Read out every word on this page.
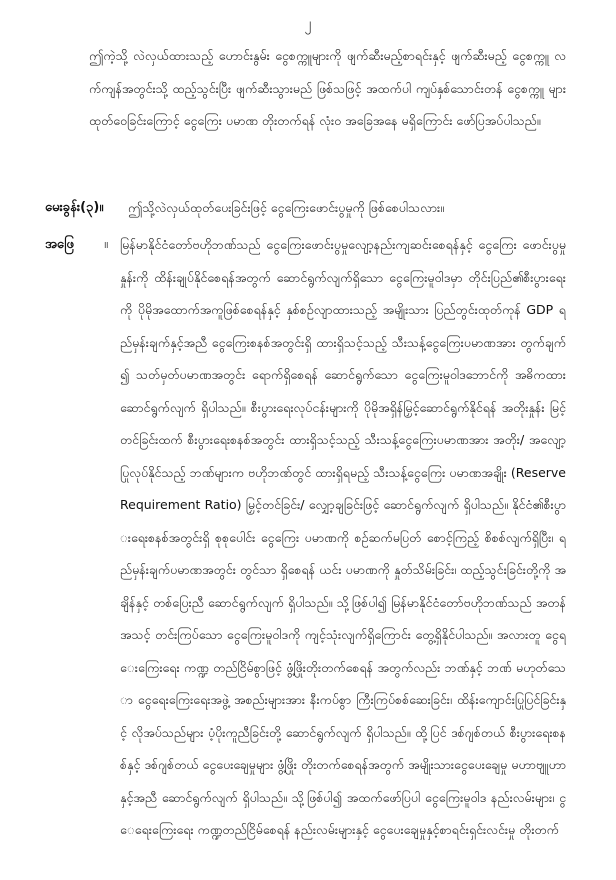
၂
ဤကဲ့သို့ လဲလှယ်ထားသည့် ဟောင်းနွမ်း ငွေစက္ကူများကို ဖျက်ဆီးမည့်စာရင်းနှင့် ဖျက်ဆီးမည့် ငွေစက္ကူ လက်ကျန်အတွင်းသို့ ထည့်သွင်းပြီး ဖျက်ဆီးသွားမည် ဖြစ်သဖြင့် အထက်ပါ ကျပ်နှစ်သောင်းတန် ငွေစက္ကူ များထုတ်ဝေခြင်းကြောင့် ငွေကြေး ပမာဏ တိုးတက်ရန် လုံးဝ အခြေအနေ မရှိကြောင်း ဖော်ပြအပ်ပါသည်။
မေးခွန်း(၃)။ ဤသို့လဲလှယ်ထုတ်ပေးခြင်းဖြင့် ငွေကြေးဖောင်းပွမှုကို ဖြစ်စေပါသလား။
အဖြေ ။ မြန်မာနိုင်ငံတော်ဗဟိုဘဏ်သည် ငွေကြေးဖောင်းပွမှုလျော့နည်းကျဆင်းစေရန်နှင့် ငွေကြေး ဖောင်းပွမှုနှုန်းကို ထိန်းချုပ်နိုင်စေရန်အတွက် ဆောင်ရွက်လျက်ရှိသော ငွေကြေးမူဝါဒမှာ တိုင်းပြည်၏စီးပွားရေးကို ပိုမိုအထောက်အကူဖြစ်စေရန်နှင့် နှစ်စဉ်လျာထားသည့် အမျိုးသား ပြည်တွင်းထုတ်ကုန် GDP ရည်မှန်းချက်နှင့်အညီ ငွေကြေးစနစ်အတွင်းရှိ ထားရှိသင့်သည့် သီးသန့်ငွေကြေးပမာဏအား တွက်ချက်၍ သတ်မှတ်ပမာဏအတွင်း ရောက်ရှိစေရန် ဆောင်ရွက်သော ငွေကြေးမူဝါဒဘောင်ကို အဓိကထား ဆောင်ရွက်လျက် ရှိပါသည်။ စီးပွားရေးလုပ်ငန်းများကို ပိုမိုအရှိန်မြှင့်ဆောင်ရွက်နိုင်ရန် အတိုးနှုန်း မြင့်တင်ခြင်းထက် စီးပွားရေးစနစ်အတွင်း ထားရှိသင့်သည့် သီးသန့်ငွေကြေးပမာဏအား အတိုး/ အလျော့ ပြုလုပ်နိုင်သည့် ဘဏ်များက ဗဟိုဘဏ်တွင် ထားရှိရမည့် သီးသန့်ငွေကြေး ပမာဏအချိုး (Reserve Requirement Ratio) မြှင့်တင်ခြင်း/ လျှော့ချခြင်းဖြင့် ဆောင်ရွက်လျက် ရှိပါသည်။ နိုင်ငံ၏စီးပွားရေးစနစ်အတွင်းရှိ စုစုပေါင်း ငွေကြေး ပမာဏကို စဉ်ဆက်မပြတ် စောင့်ကြည့် စိစစ်လျက်ရှိပြီး၊ ရည်မှန်းချက်ပမာဏအတွင်း တွင်သာ ရှိစေရန် ယင်း ပမာဏကို နှုတ်သိမ်းခြင်း၊ ထည့်သွင်းခြင်းတို့ကို အချိန်နှင့် တစ်ပြေးညီ ဆောင်ရွက်လျက် ရှိပါသည်။ သို့ဖြစ်ပါ၍ မြန်မာနိုင်ငံတော်ဗဟိုဘဏ်သည် အတန်အသင့် တင်းကြပ်သော ငွေကြေးမူဝါဒကို ကျင့်သုံးလျက်ရှိကြောင်း တွေ့ရှိနိုင်ပါသည်။ အလားတူ ငွေရေးကြေးရေး ကဏ္ဍ တည်ငြိမ်စွာဖြင့် ဖွံ့ဖြိုးတိုးတက်စေရန် အတွက်လည်း ဘဏ်နှင့် ဘဏ် မဟုတ်သော ငွေရေးကြေးရေးအဖွဲ့ အစည်းများအား နီးကပ်စွာ ကြီးကြပ်စစ်ဆေးခြင်း၊ ထိန်းကျောင်းပြုပြင်ခြင်းနှင့် လိုအပ်သည်များ ပံ့ပိုးကူညီခြင်းတို့ ဆောင်ရွက်လျက် ရှိပါသည်။ ထို့ပြင် ဒစ်ဂျစ်တယ် စီးပွားရေးစနစ်နှင့် ဒစ်ဂျစ်တယ် ငွေပေးချေမှုများ ဖွံ့ဖြိုး တိုးတက်စေရန်အတွက် အမျိုးသားငွေပေးချေမှု မဟာဗျူဟာနှင့်အညီ ဆောင်ရွက်လျက် ရှိပါသည်။ သို့ဖြစ်ပါ၍ အထက်ဖော်ပြပါ ငွေကြေးမူဝါဒ နည်းလမ်းများ၊ ငွေရေးကြေးရေး ကဏ္ဍတည်ငြိမ်စေရန် နည်းလမ်းများနှင့် ငွေပေးချေမှုနှင့်စာရင်းရှင်းလင်းမှု တိုးတက်
